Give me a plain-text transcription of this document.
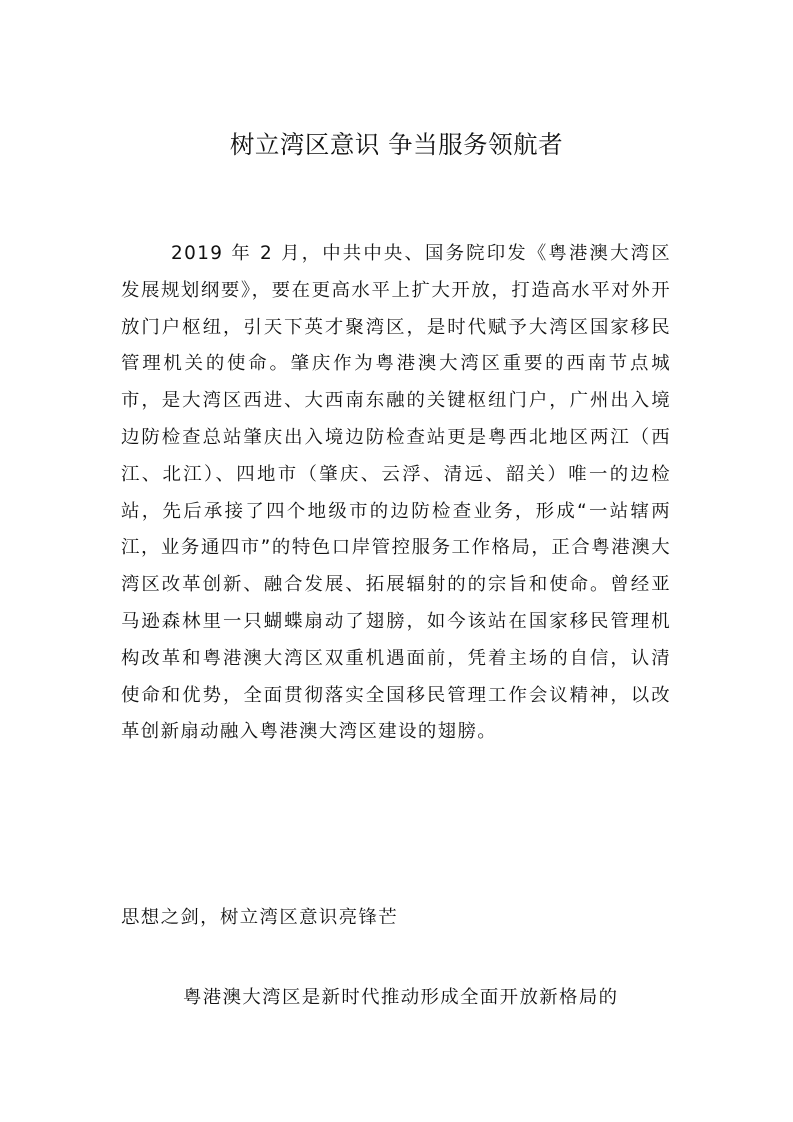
树立湾区意识 争当服务领航者

2019 年 2 月，中共中央、国务院印发《粤港澳大湾区发展规划纲要》，要在更高水平上扩大开放，打造高水平对外开放门户枢纽，引天下英才聚湾区，是时代赋予大湾区国家移民管理机关的使命。肇庆作为粤港澳大湾区重要的西南节点城市，是大湾区西进、大西南东融的关键枢纽门户，广州出入境边防检查总站肇庆出入境边防检查站更是粤西北地区两江（西江、北江）、四地市（肇庆、云浮、清远、韶关）唯一的边检站，先后承接了四个地级市的边防检查业务，形成“一站辖两江，业务通四市”的特色口岸管控服务工作格局，正合粤港澳大湾区改革创新、融合发展、拓展辐射的的宗旨和使命。曾经亚马逊森林里一只蝴蝶扇动了翅膀，如今该站在国家移民管理机构改革和粤港澳大湾区双重机遇面前，凭着主场的自信，认清使命和优势，全面贯彻落实全国移民管理工作会议精神，以改革创新扇动融入粤港澳大湾区建设的翅膀。

思想之剑，树立湾区意识亮锋芒

粤港澳大湾区是新时代推动形成全面开放新格局的
